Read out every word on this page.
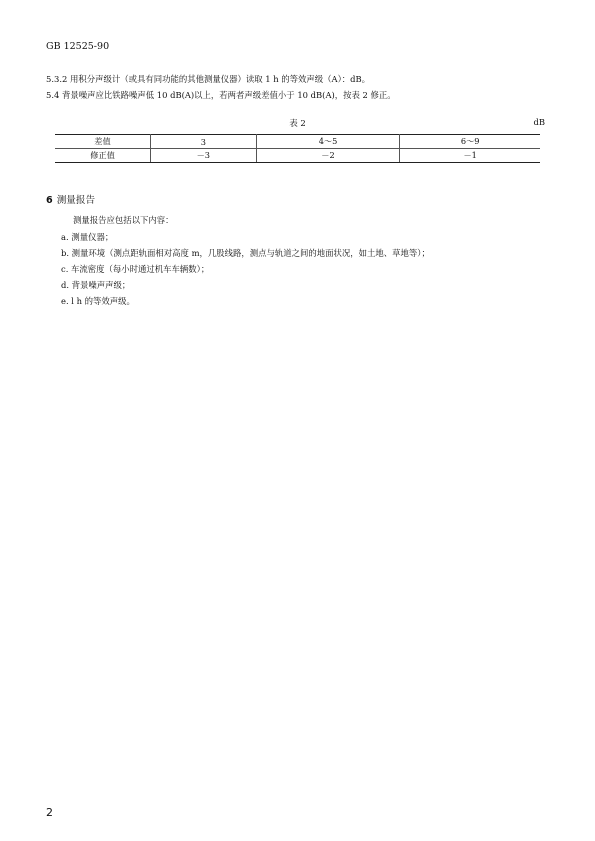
GB 12525-90
5.3.2 用积分声级计（或具有同功能的其他测量仪器）读取 1 h 的等效声级（A）：dB。
5.4 背景噪声应比铁路噪声低 10 dB(A)以上，若两者声级差值小于 10 dB(A)，按表 2 修正。
表 2	dB
差值	3	4～5	6～9
修正值	－3	－2	－1
6 测量报告
测量报告应包括以下内容：
a. 测量仪器；
b. 测量环境（测点距轨面相对高度 m，几股线路，测点与轨道之间的地面状况，如土地、草地等）；
c. 车流密度（每小时通过机车车辆数）；
d. 背景噪声声级；
e. l h 的等效声级。
2
